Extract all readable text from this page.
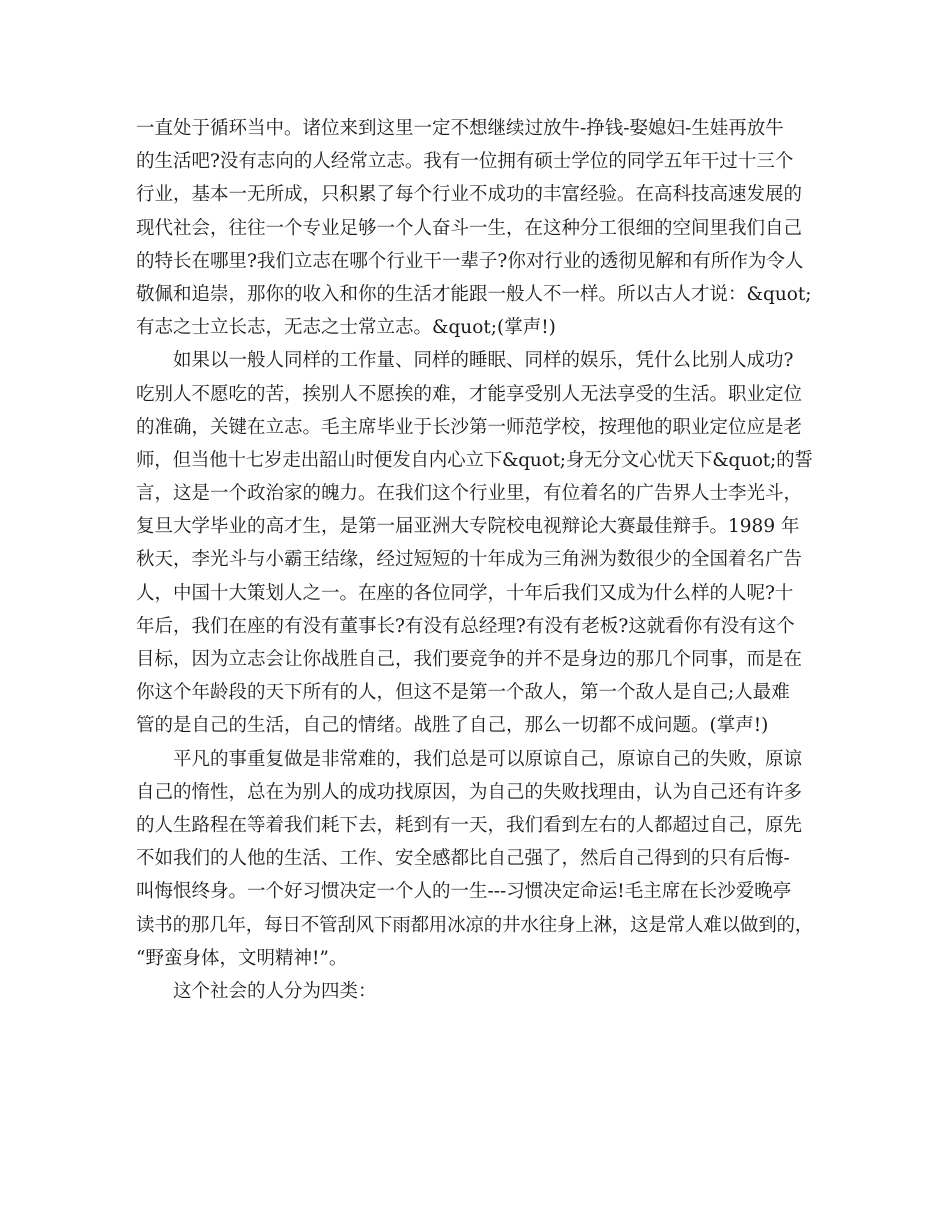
一直处于循环当中。诸位来到这里一定不想继续过放牛-挣钱-娶媳妇-生娃再放牛
的生活吧?没有志向的人经常立志。我有一位拥有硕士学位的同学五年干过十三个
行业，基本一无所成，只积累了每个行业不成功的丰富经验。在高科技高速发展的
现代社会，往往一个专业足够一个人奋斗一生，在这种分工很细的空间里我们自己
的特长在哪里?我们立志在哪个行业干一辈子?你对行业的透彻见解和有所作为令人
敬佩和追崇，那你的收入和你的生活才能跟一般人不一样。所以古人才说：&quot;
有志之士立长志，无志之士常立志。&quot;(掌声!)
如果以一般人同样的工作量、同样的睡眠、同样的娱乐，凭什么比别人成功?
吃别人不愿吃的苦，挨别人不愿挨的难，才能享受别人无法享受的生活。职业定位
的准确，关键在立志。毛主席毕业于长沙第一师范学校，按理他的职业定位应是老
师，但当他十七岁走出韶山时便发自内心立下&quot;身无分文心忧天下&quot;的誓
言，这是一个政治家的魄力。在我们这个行业里，有位着名的广告界人士李光斗，
复旦大学毕业的高才生，是第一届亚洲大专院校电视辩论大赛最佳辩手。1989 年
秋天，李光斗与小霸王结缘，经过短短的十年成为三角洲为数很少的全国着名广告
人，中国十大策划人之一。在座的各位同学，十年后我们又成为什么样的人呢?十
年后，我们在座的有没有董事长?有没有总经理?有没有老板?这就看你有没有这个
目标，因为立志会让你战胜自己，我们要竞争的并不是身边的那几个同事，而是在
你这个年龄段的天下所有的人，但这不是第一个敌人，第一个敌人是自己;人最难
管的是自己的生活，自己的情绪。战胜了自己，那么一切都不成问题。(掌声!)
平凡的事重复做是非常难的，我们总是可以原谅自己，原谅自己的失败，原谅
自己的惰性，总在为别人的成功找原因，为自己的失败找理由，认为自己还有许多
的人生路程在等着我们耗下去，耗到有一天，我们看到左右的人都超过自己，原先
不如我们的人他的生活、工作、安全感都比自己强了，然后自己得到的只有后悔-
叫悔恨终身。一个好习惯决定一个人的一生---习惯决定命运!毛主席在长沙爱晚亭
读书的那几年，每日不管刮风下雨都用冰凉的井水往身上淋，这是常人难以做到的，
“野蛮身体，文明精神!”。
这个社会的人分为四类：
